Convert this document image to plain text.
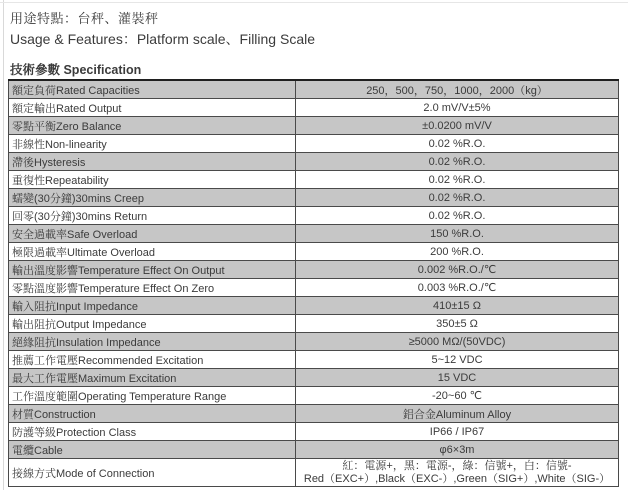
用途特點：台秤、灌裝秤
Usage & Features：Platform scale、Filling Scale
技術參數 Specification
額定負荷Rated Capacities	250，500，750，1000，2000（kg）
額定輸出Rated Output	2.0 mV/V±5%
零點平衡Zero Balance	±0.0200 mV/V
非線性Non-linearity	0.02 %R.O.
滯後Hysteresis	0.02 %R.O.
重復性Repeatability	0.02 %R.O.
蠕變(30分鐘)30mins Creep	0.02 %R.O.
回零(30分鐘)30mins Return	0.02 %R.O.
安全過載率Safe Overload	150 %R.O.
極限過載率Ultimate Overload	200 %R.O.
輸出溫度影響Temperature Effect On Output	0.002 %R.O./℃
零點溫度影響Temperature Effect On Zero	0.003 %R.O./℃
輸入阻抗Input Impedance	410±15 Ω
輸出阻抗Output Impedance	350±5 Ω
絕緣阻抗Insulation Impedance	≥5000 MΩ/(50VDC)
推薦工作電壓Recommended Excitation	5~12 VDC
最大工作電壓Maximum Excitation	15 VDC
工作溫度範圍Operating Temperature Range	-20~60 ℃
材質Construction	鋁合金Aluminum Alloy
防護等級Protection Class	IP66 / IP67
電纜Cable	φ6×3m
接線方式Mode of Connection	紅：電源+，黑：電源-，綠：信號+，白：信號-
Red（EXC+）,Black（EXC-）,Green（SIG+）,White（SIG-）
